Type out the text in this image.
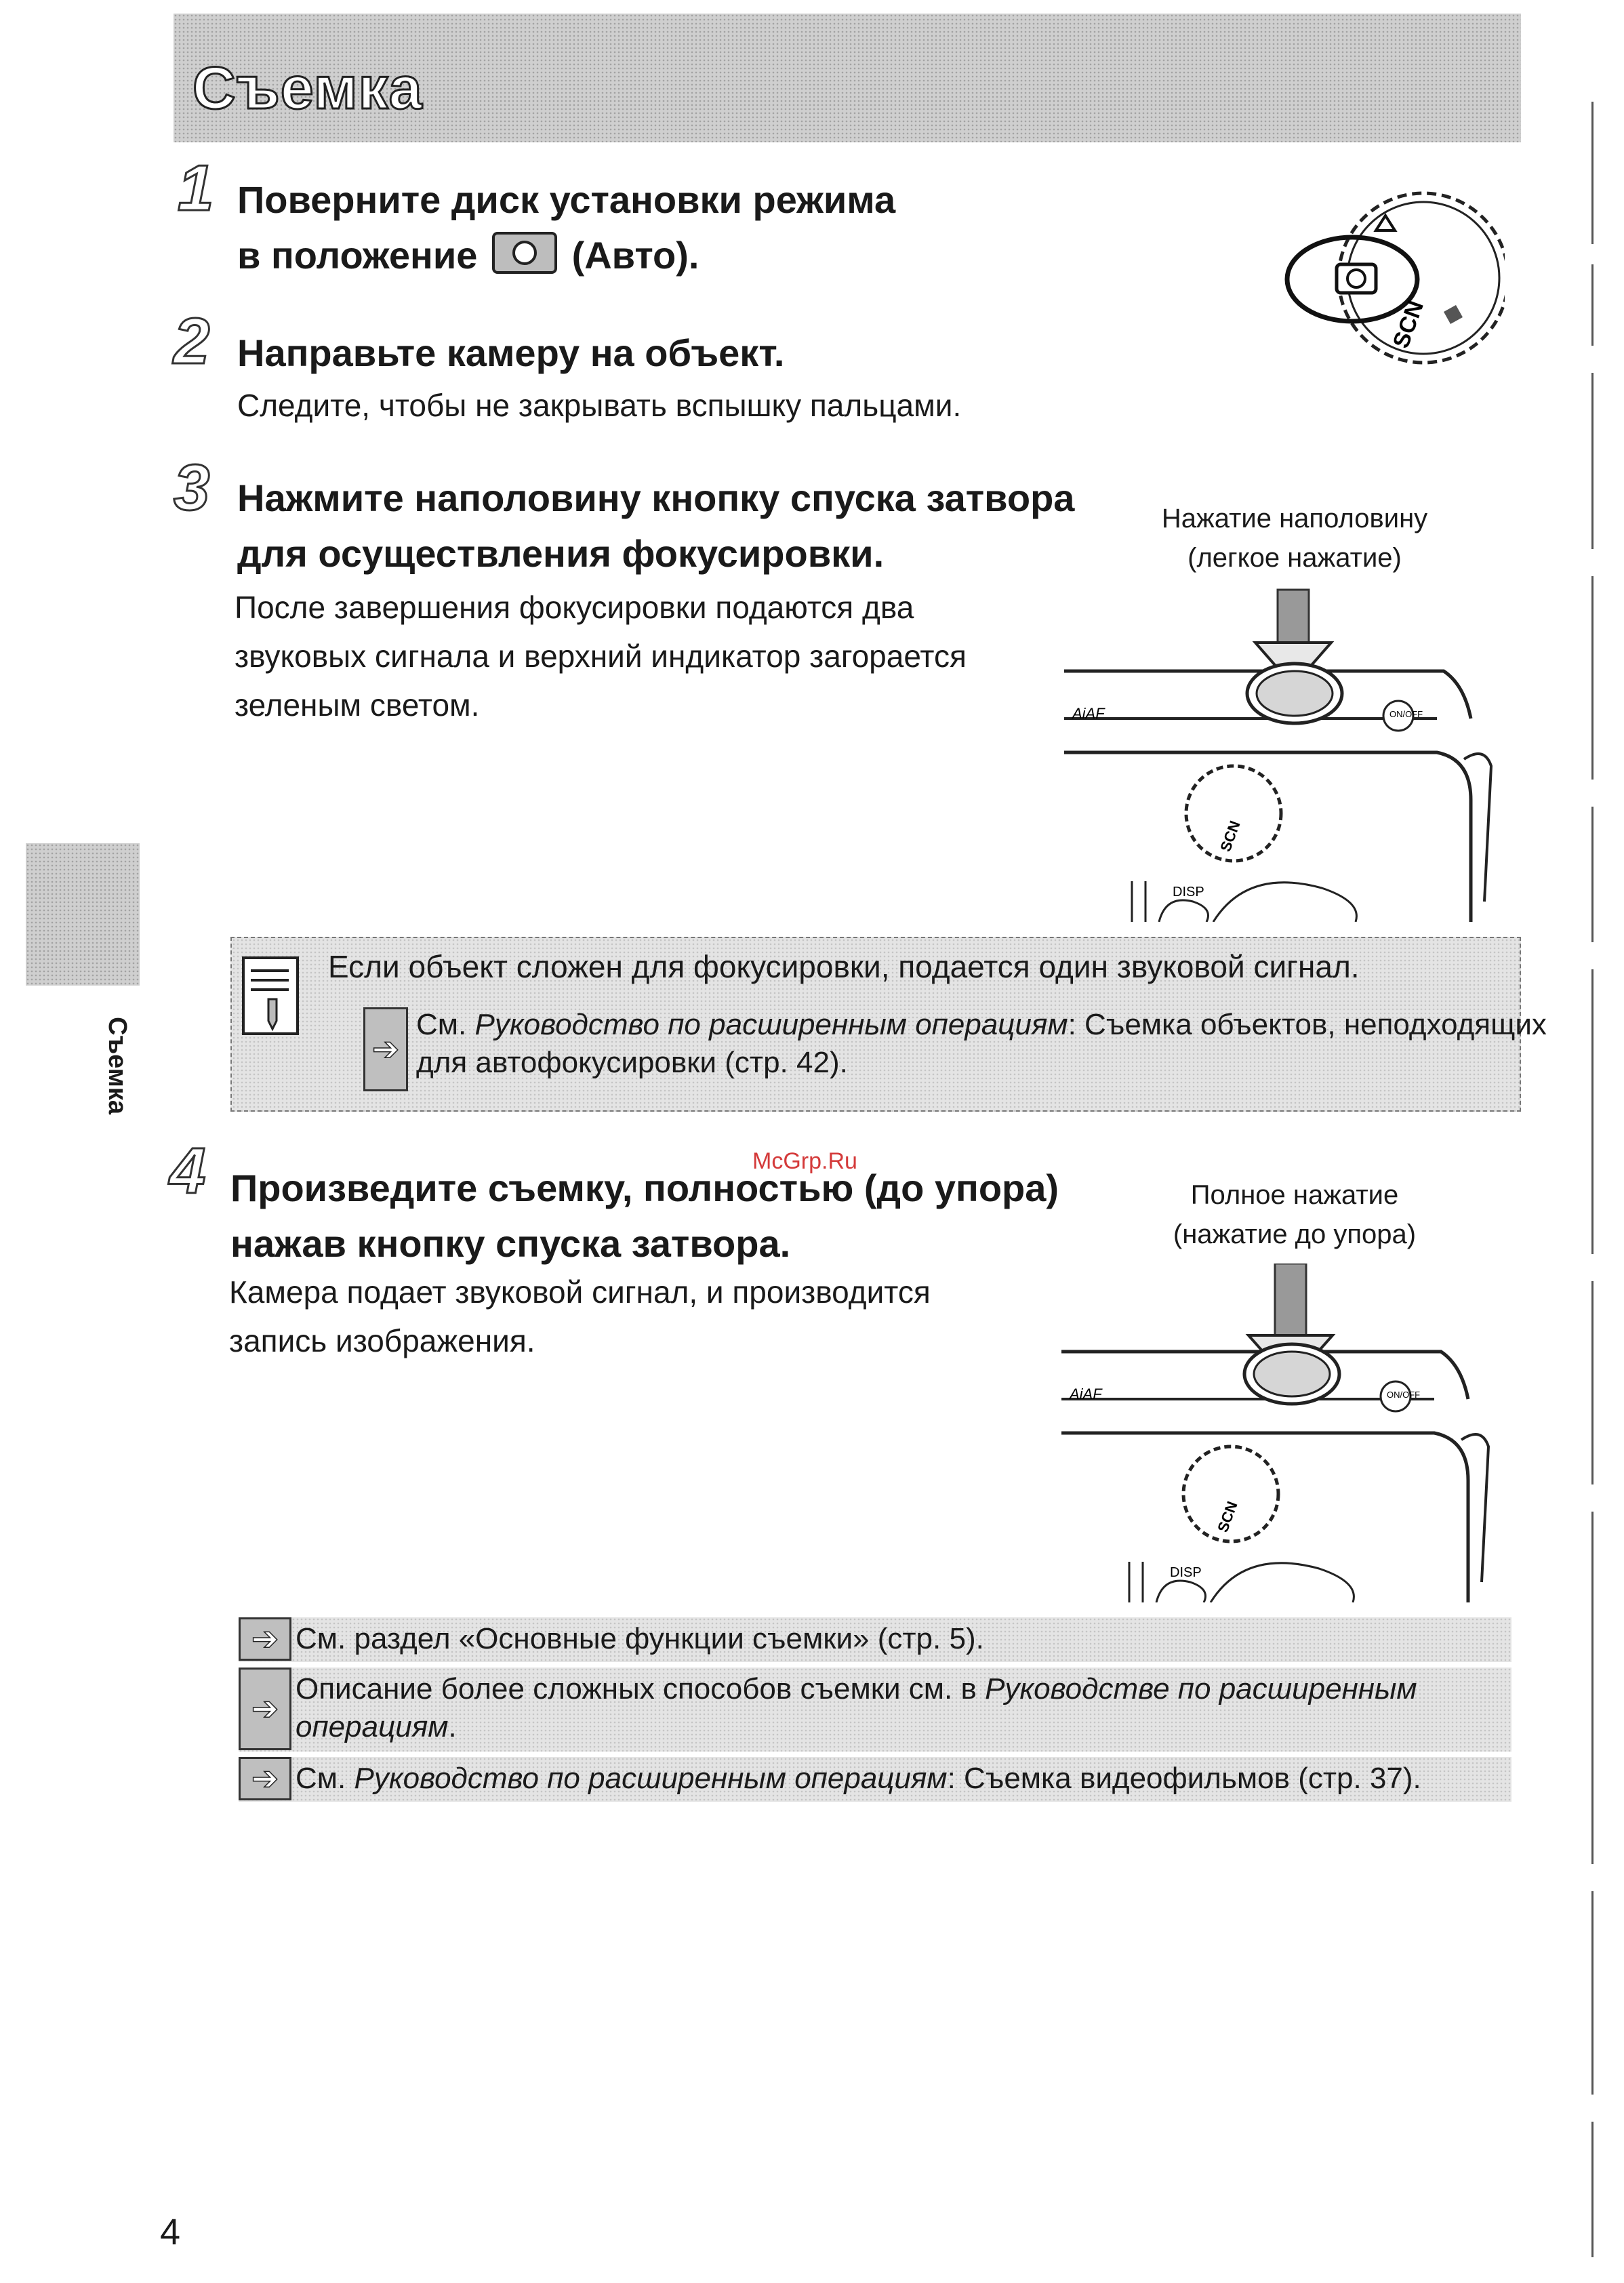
Съемка
Съемка
1 Поверните диск установки режима
в положение (Авто).
SCN
2 Направьте камеру на объект.
Следите, чтобы не закрывать вспышку пальцами.
3 Нажмите наполовину кнопку спуска затвора
для осуществления фокусировки.
После завершения фокусировки подаются два
звуковых сигнала и верхний индикатор загорается
зеленым светом.
Нажатие наполовину
(легкое нажатие)
AiAF	ON/OFF
SCN
DISP
Если объект сложен для фокусировки, подается один звуковой сигнал.
➔
См. Руководство по расширенным операциям: Съемка объектов, неподходящих
для автофокусировки (стр. 42).
McGrp.Ru
4 Произведите съемку, полностью (до упора)
нажав кнопку спуска затвора.
Камера подает звуковой сигнал, и производится
запись изображения.
Полное нажатие
(нажатие до упора)
AiAF	ON/OFF
SCN
DISP
➔ См. раздел «Основные функции съемки» (стр. 5).
➔
Описание более сложных способов съемки см. в Руководстве по расширенным
операциям.
➔ См. Руководство по расширенным операциям: Съемка видеофильмов (стр. 37).
4
